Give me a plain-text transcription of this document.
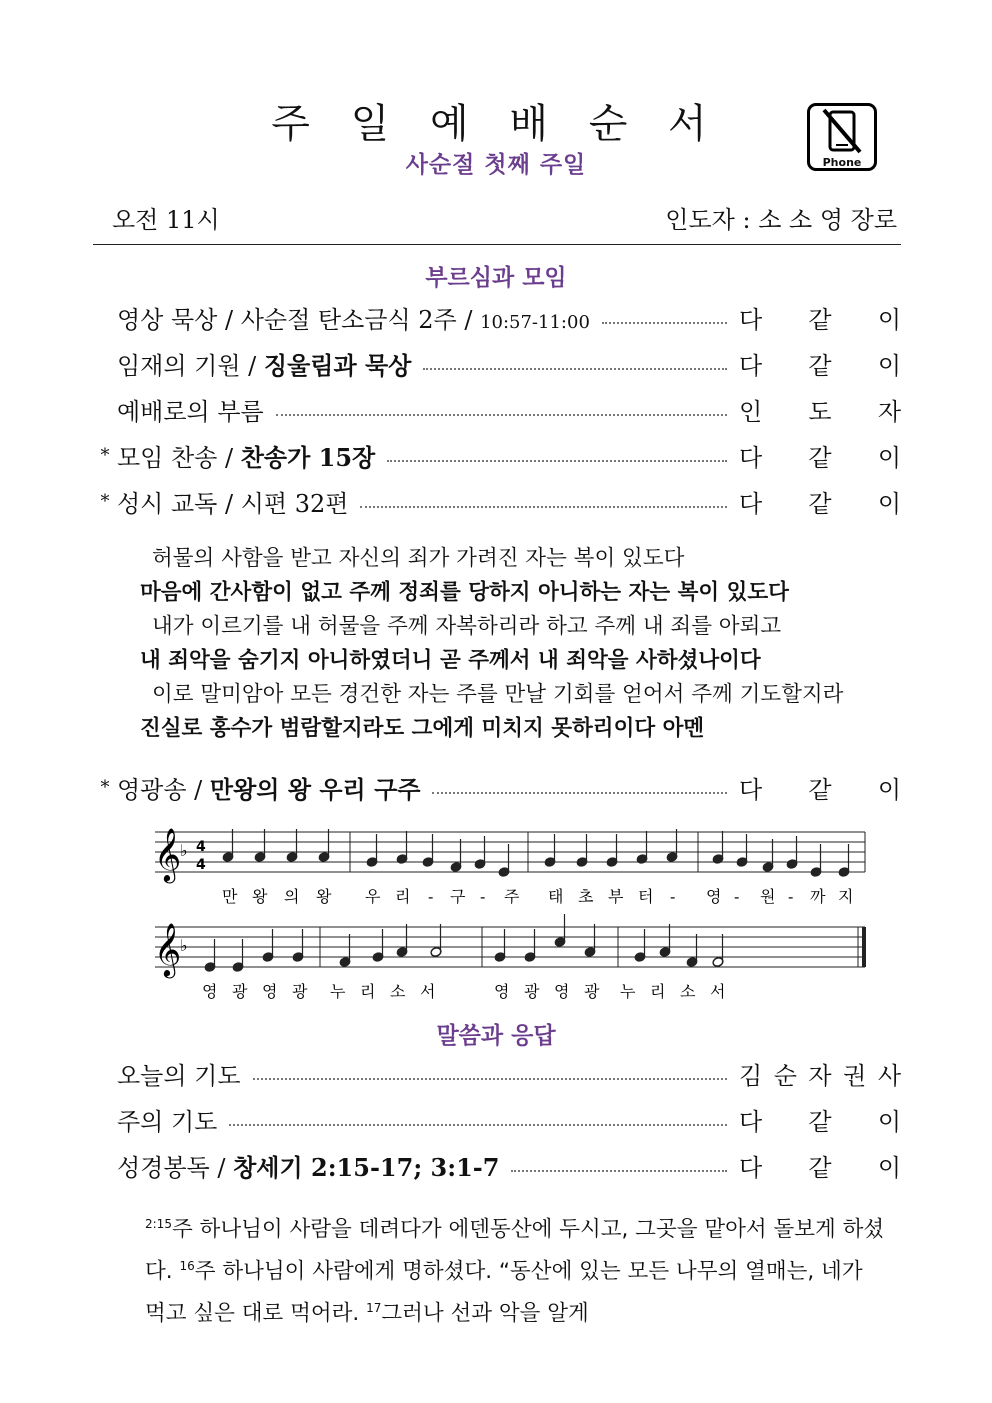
주 일 예 배 순 서
사순절 첫째 주일	Phone
오전 11시	인도자 : 소 소 영 장로
부르심과 모임
영상 묵상 / 사순절 탄소금식 2주 / 10:57-11:00	다 같 이
임재의 기원 / 징울림과 묵상	다 같 이
예배로의 부름	인 도 자
* 모임 찬송 / 찬송가 15장	다 같 이
* 성시 교독 / 시편 32편	다 같 이
허물의 사함을 받고 자신의 죄가 가려진 자는 복이 있도다
마음에 간사함이 없고 주께 정죄를 당하지 아니하는 자는 복이 있도다
내가 이르기를 내 허물을 주께 자복하리라 하고 주께 내 죄를 아뢰고
내 죄악을 숨기지 아니하였더니 곧 주께서 내 죄악을 사하셨나이다
이로 말미암아 모든 경건한 자는 주를 만날 기회를 얻어서 주께 기도할지라
진실로 홍수가 범람할지라도 그에게 미치지 못하리이다 아멘
* 영광송 / 만왕의 왕 우리 구주	다 같 이
𝄞
𝄞
♭
♭
4
4
만 왕 의 왕 우 리 - 구 - 주 태 초 부 터 - 영 - 원 - 까 지
영 광 영 광 누 리 소 서	영 광 영 광 누 리 소 서
말씀과 응답
오늘의 기도	김 순 자 권 사
주의 기도	다 같 이
성경봉독 / 창세기 2:15-17; 3:1-7	다 같 이
$^{2:15}$주 하나님이 사람을 데려다가 에덴동산에 두시고, 그곳을 맡아서 돌보게 하셨다. $^{16}$주 하나님이 사람에게 명하셨다. “동산에 있는 모든 나무의 열매는, 네가 먹고 싶은 대로 먹어라. $^{17}$그러나 선과 악을 알게
